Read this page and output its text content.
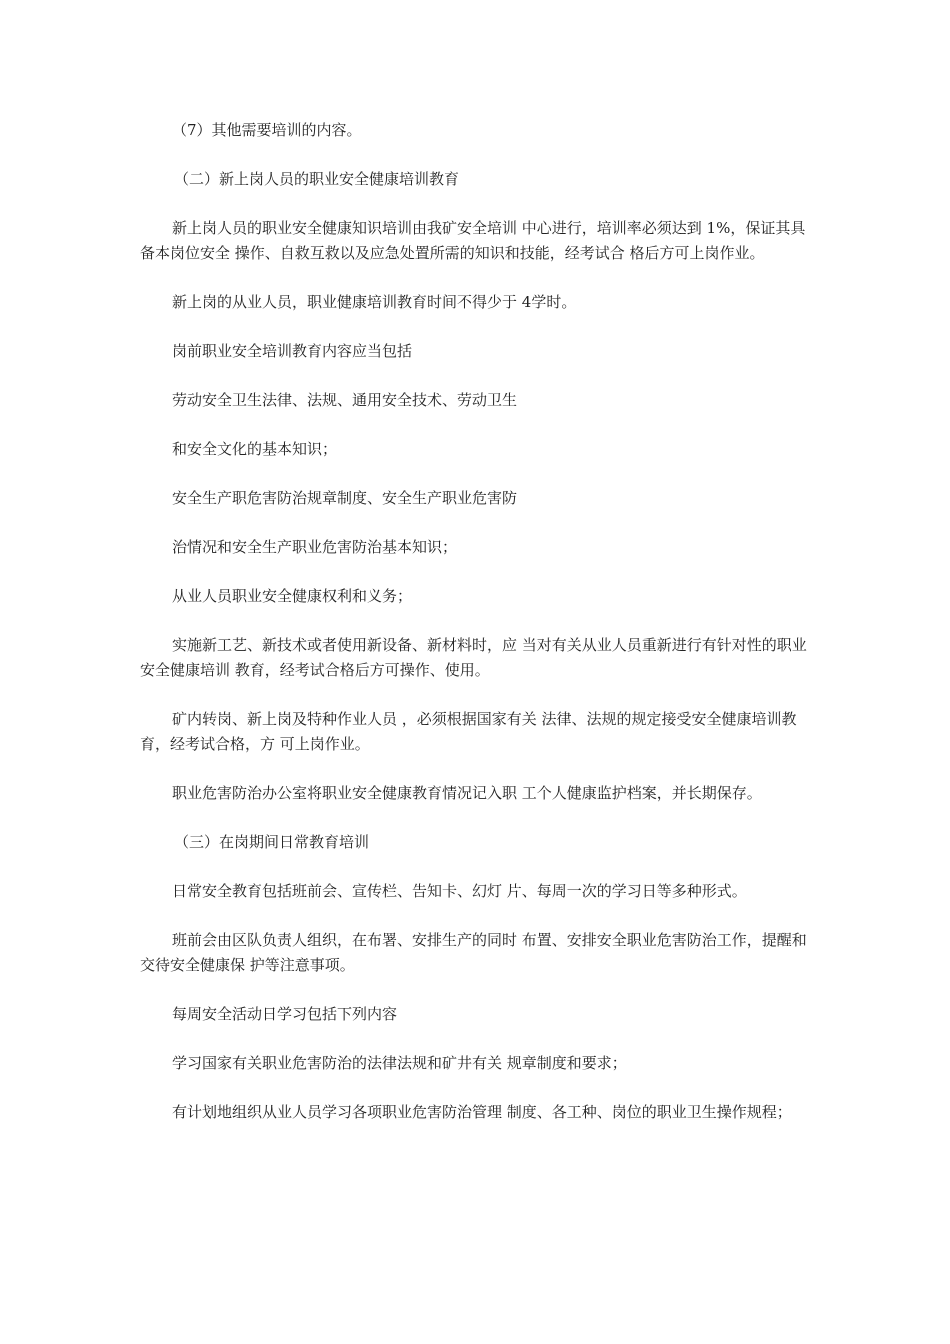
（7）其他需要培训的内容。

（二）新上岗人员的职业安全健康培训教育

新上岗人员的职业安全健康知识培训由我矿安全培训 中心进行，培训率必须达到 1%，保证其具备本岗位安全 操作、自救互救以及应急处置所需的知识和技能，经考试合 格后方可上岗作业。

新上岗的从业人员，职业健康培训教育时间不得少于 4学时。

岗前职业安全培训教育内容应当包括

劳动安全卫生法律、法规、通用安全技术、劳动卫生

和安全文化的基本知识；

安全生产职危害防治规章制度、安全生产职业危害防

治情况和安全生产职业危害防治基本知识；

从业人员职业安全健康权利和义务；

实施新工艺、新技术或者使用新设备、新材料时，应 当对有关从业人员重新进行有针对性的职业安全健康培训 教育，经考试合格后方可操作、使用。

矿内转岗、新上岗及特种作业人员 ，必须根据国家有关 法律、法规的规定接受安全健康培训教育，经考试合格，方 可上岗作业。

职业危害防治办公室将职业安全健康教育情况记入职 工个人健康监护档案，并长期保存。

（三）在岗期间日常教育培训

日常安全教育包括班前会、宣传栏、告知卡、幻灯 片、每周一次的学习日等多种形式。

班前会由区队负责人组织，在布署、安排生产的同时 布置、安排安全职业危害防治工作，提醒和交待安全健康保 护等注意事项。

每周安全活动日学习包括下列内容

学习国家有关职业危害防治的法律法规和矿井有关 规章制度和要求；

有计划地组织从业人员学习各项职业危害防治管理 制度、各工种、岗位的职业卫生操作规程；
